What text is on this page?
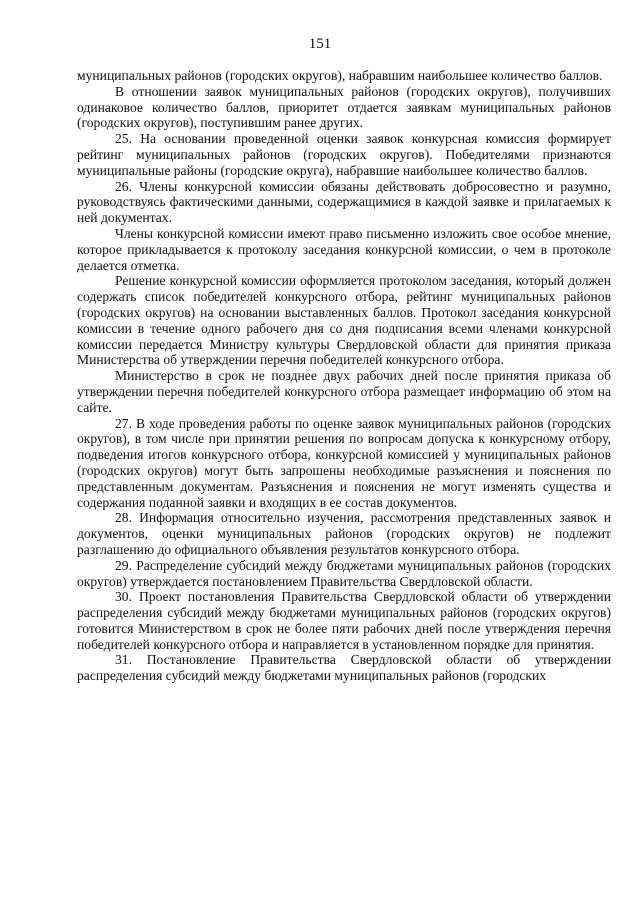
151

муниципальных районов (городских округов), набравшим наибольшее количество баллов.

В отношении заявок муниципальных районов (городских округов), получивших одинаковое количество баллов, приоритет отдается заявкам муниципальных районов (городских округов), поступившим ранее других.

25. На основании проведенной оценки заявок конкурсная комиссия формирует рейтинг муниципальных районов (городских округов). Победителями признаются муниципальные районы (городские округа), набравшие наибольшее количество баллов.

26. Члены конкурсной комиссии обязаны действовать добросовестно и разумно, руководствуясь фактическими данными, содержащимися в каждой заявке и прилагаемых к ней документах.

Члены конкурсной комиссии имеют право письменно изложить свое особое мнение, которое прикладывается к протоколу заседания конкурсной комиссии, о чем в протоколе делается отметка.

Решение конкурсной комиссии оформляется протоколом заседания, который должен содержать список победителей конкурсного отбора, рейтинг муниципальных районов (городских округов) на основании выставленных баллов. Протокол заседания конкурсной комиссии в течение одного рабочего дня со дня подписания всеми членами конкурсной комиссии передается Министру культуры Свердловской области для принятия приказа Министерства об утверждении перечня победителей конкурсного отбора.

Министерство в срок не позднее двух рабочих дней после принятия приказа об утверждении перечня победителей конкурсного отбора размещает информацию об этом на сайте.

27. В ходе проведения работы по оценке заявок муниципальных районов (городских округов), в том числе при принятии решения по вопросам допуска к конкурсному отбору, подведения итогов конкурсного отбора, конкурсной комиссией у муниципальных районов (городских округов) могут быть запрошены необходимые разъяснения и пояснения по представленным документам. Разъяснения и пояснения не могут изменять существа и содержания поданной заявки и входящих в ее состав документов.

28. Информация относительно изучения, рассмотрения представленных заявок и документов, оценки муниципальных районов (городских округов) не подлежит разглашению до официального объявления результатов конкурсного отбора.

29. Распределение субсидий между бюджетами муниципальных районов (городских округов) утверждается постановлением Правительства Свердловской области.

30. Проект постановления Правительства Свердловской области об утверждении распределения субсидий между бюджетами муниципальных районов (городских округов) готовится Министерством в срок не более пяти рабочих дней после утверждения перечня победителей конкурсного отбора и направляется в установленном порядке для принятия.

31. Постановление Правительства Свердловской области об утверждении распределения субсидий между бюджетами муниципальных районов (городских
